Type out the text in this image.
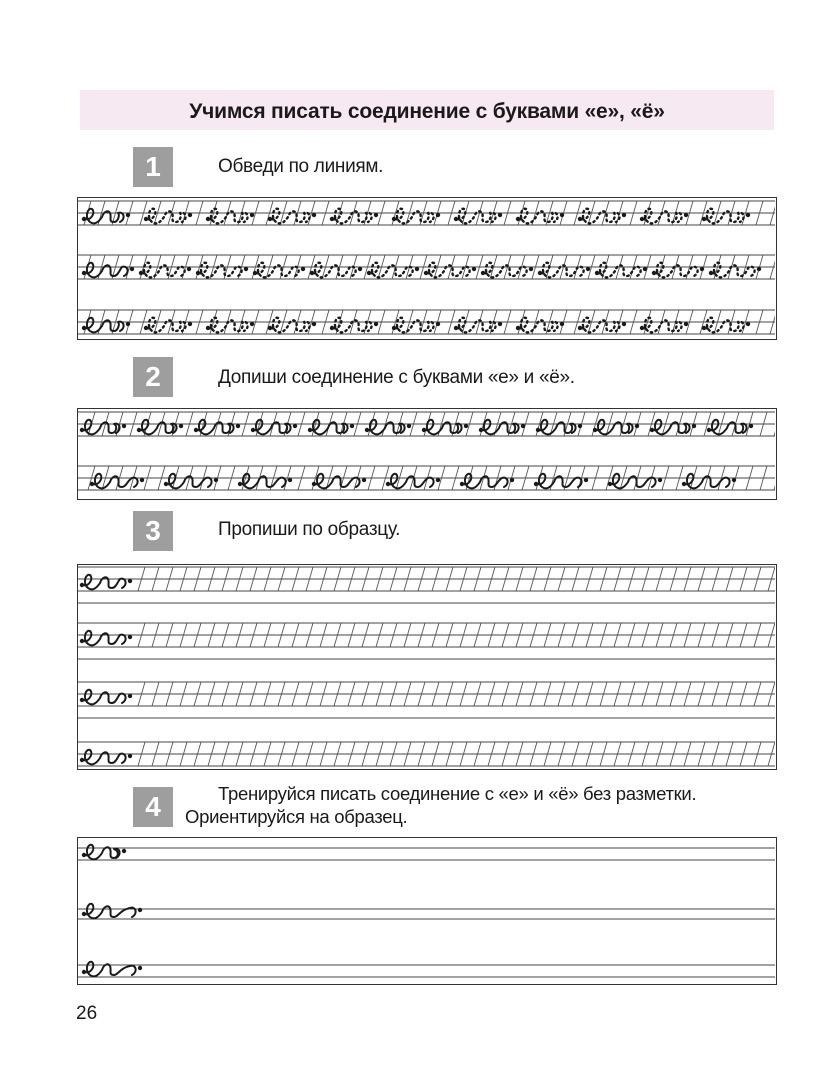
Учимся писать соединение с буквами «е», «ё»
1	Обведи по линиям.
2	Допиши соединение с буквами «е» и «ё».
3	Пропиши по образцу.
4	Тренируйся писать соединение с «е» и «ё» без разметки.
Ориентируйся на образец.
26
